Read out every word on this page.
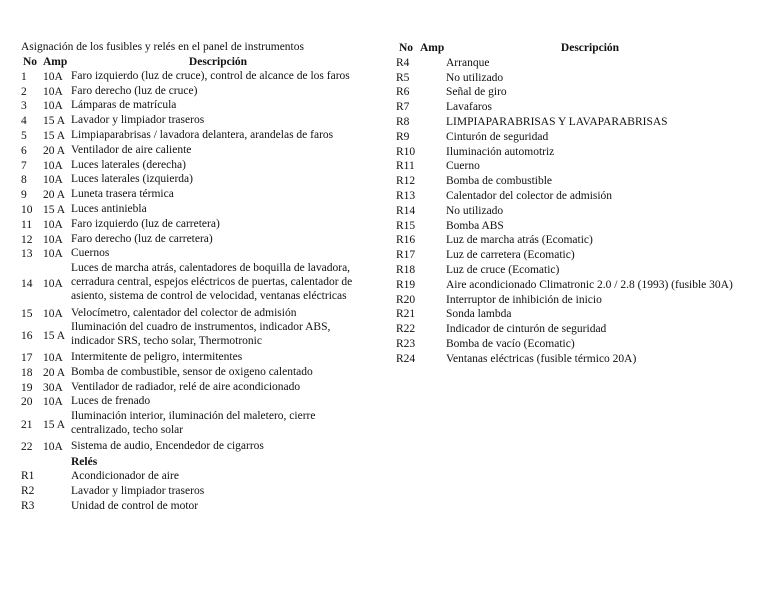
Asignación de los fusibles y relés en el panel de instrumentos
No Amp	Descripción
1 10A Faro izquierdo (luz de cruce), control de alcance de los faros
2 10A Faro derecho (luz de cruce)
3 10A Lámparas de matrícula
4 15 A Lavador y limpiador traseros
5 15 A Limpiaparabrisas / lavadora delantera, arandelas de faros
6 20 A Ventilador de aire caliente
7 10A Luces laterales (derecha)
8 10A Luces laterales (izquierda)
9 20 A Luneta trasera térmica
10 15 A Luces antiniebla
11 10A Faro izquierdo (luz de carretera)
12 10A Faro derecho (luz de carretera)
13 10A Cuernos
14 10A
Luces de marcha atrás, calentadores de boquilla de lavadora, cerradura central, espejos eléctricos de puertas, calentador de asiento, sistema de control de velocidad, ventanas eléctricas
15 10A Velocímetro, calentador del colector de admisión
16 15 A
Iluminación del cuadro de instrumentos, indicador ABS, indicador SRS, techo solar, Thermotronic
17 10A Intermitente de peligro, intermitentes
18 20 A Bomba de combustible, sensor de oxigeno calentado
19 30A Ventilador de radiador, relé de aire acondicionado
20 10A Luces de frenado
21 15 A
Iluminación interior, iluminación del maletero, cierre centralizado, techo solar
22 10A Sistema de audio, Encendedor de cigarros
Relés
R1	Acondicionador de aire
R2	Lavador y limpiador traseros
R3	Unidad de control de motor
No Amp	Descripción
R4	Arranque
R5	No utilizado
R6	Señal de giro
R7	Lavafaros
R8	LIMPIAPARABRISAS Y LAVAPARABRISAS
R9	Cinturón de seguridad
R10	Iluminación automotriz
R11	Cuerno
R12	Bomba de combustible
R13	Calentador del colector de admisión
R14	No utilizado
R15	Bomba ABS
R16	Luz de marcha atrás (Ecomatic)
R17	Luz de carretera (Ecomatic)
R18	Luz de cruce (Ecomatic)
R19	Aire acondicionado Climatronic 2.0 / 2.8 (1993) (fusible 30A)
R20	Interruptor de inhibición de inicio
R21	Sonda lambda
R22	Indicador de cinturón de seguridad
R23	Bomba de vacío (Ecomatic)
R24	Ventanas eléctricas (fusible térmico 20A)
